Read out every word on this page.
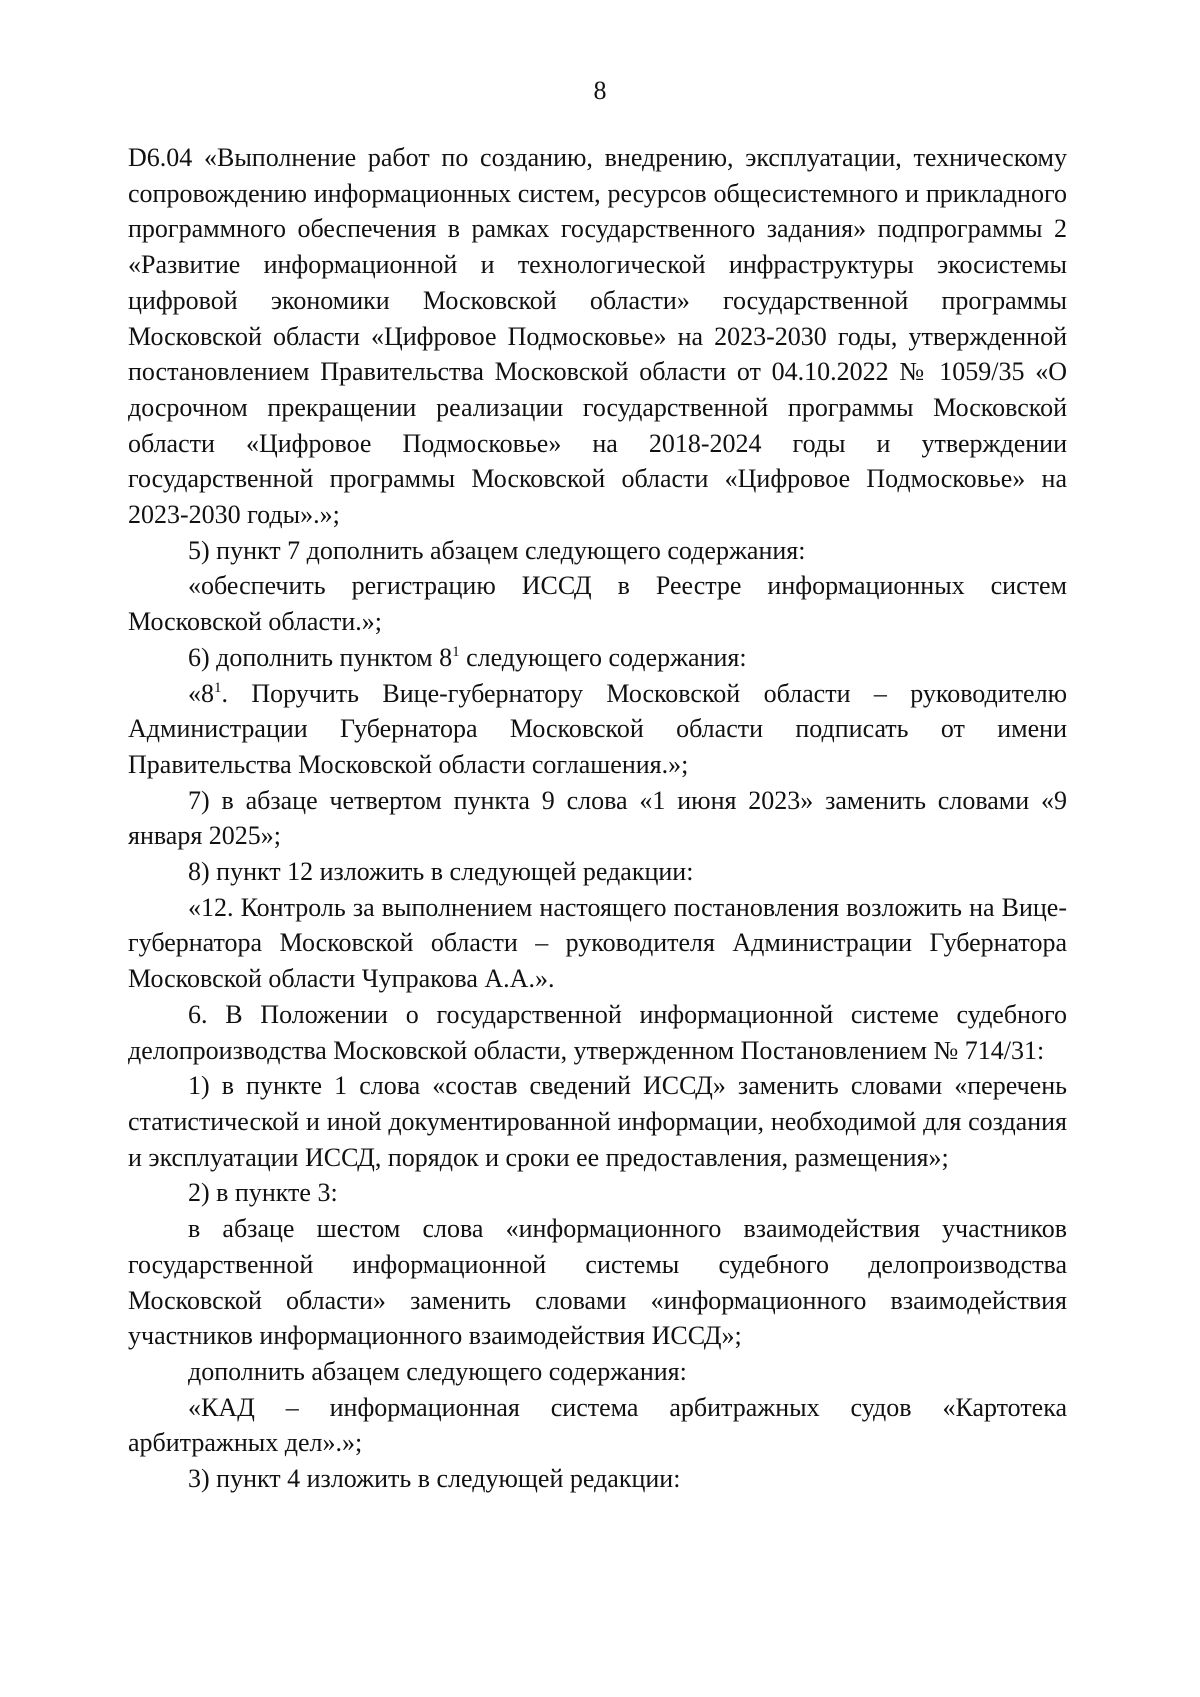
8

D6.04 «Выполнение работ по созданию, внедрению, эксплуатации, техническому сопровождению информационных систем, ресурсов общесистемного и прикладного программного обеспечения в рамках государственного задания» подпрограммы 2 «Развитие информационной и технологической инфраструктуры экосистемы цифровой экономики Московской области» государственной программы Московской области «Цифровое Подмосковье» на 2023-2030 годы, утвержденной постановлением Правительства Московской области от 04.10.2022 № 1059/35 «О досрочном прекращении реализации государственной программы Московской области «Цифровое Подмосковье» на 2018-2024 годы и утверждении государственной программы Московской области «Цифровое Подмосковье» на 2023-2030 годы».»;

5) пункт 7 дополнить абзацем следующего содержания:

«обеспечить регистрацию ИССД в Реестре информационных систем Московской области.»;

6) дополнить пунктом $8^1$ следующего содержания:

«$8^1$. Поручить Вице-губернатору Московской области – руководителю Администрации Губернатора Московской области подписать от имени Правительства Московской области соглашения.»;

7) в абзаце четвертом пункта 9 слова «1 июня 2023» заменить словами «9 января 2025»;

8) пункт 12 изложить в следующей редакции:

«12. Контроль за выполнением настоящего постановления возложить на Вице-губернатора Московской области – руководителя Администрации Губернатора Московской области Чупракова А.А.».

6. В Положении о государственной информационной системе судебного делопроизводства Московской области, утвержденном Постановлением № 714/31:

1) в пункте 1 слова «состав сведений ИССД» заменить словами «перечень статистической и иной документированной информации, необходимой для создания и эксплуатации ИССД, порядок и сроки ее предоставления, размещения»;

2) в пункте 3:

в абзаце шестом слова «информационного взаимодействия участников государственной информационной системы судебного делопроизводства Московской области» заменить словами «информационного взаимодействия участников информационного взаимодействия ИССД»;

дополнить абзацем следующего содержания:

«КАД – информационная система арбитражных судов «Картотека арбитражных дел».»;

3) пункт 4 изложить в следующей редакции:
